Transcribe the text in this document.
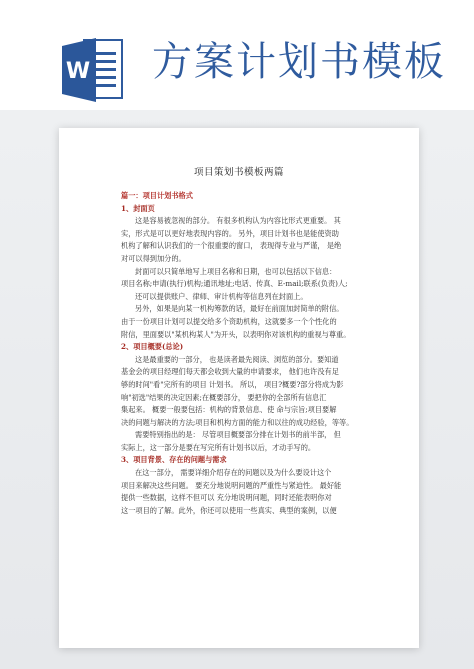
W 方案计划书模板
项目策划书模板两篇
篇一：项目计划书格式
1、封面页
这是容易被忽视的部分。 有很多机构认为内容比形式更重要。 其
实，形式是可以更好地表现内容的。 另外，项目计划书也是能使资助
机构了解和认识我们的一个很重要的窗口， 表现得专业与严谨， 是绝
对可以得到加分的。
封面可以只简单地写上项目名称和日期，也可以包括以下信息：
项目名称;申请(执行)机构;通讯地址;电话、传真、E-mail;联系(负责)人;
还可以提供账户、律师、审计机构等信息列在封面上。
另外，如果是向某一机构筹款的话，最好在前面加封简单的附信。
由于一份项目计划可以提交给多个资助机构，这就要多一个个性化的
附信，里面要以"某机构某人"为开头，以表明你对该机构的重视与尊重。
2、项目概要(总论)
这是最重要的一部分， 也是读者最先阅读、浏览的部分。要知道
基金会的项目经理们每天都会收到大量的申请要求， 他们也许没有足
够的时间"看"完所有的项目 计划书。 所以， 项目?概要?部分将成为影
响"初选"结果的决定因素;在概要部分， 要把你的全部所有信息汇
集起来。 概要一般要包括：机构的背景信息、使 命与宗旨;项目要解
决的问题与解决的方法;项目和机构方面的能力和以往的成功经验，等等。
需要特别指出的是： 尽管项目概要部分排在计划书的前半部， 但
实际上，这一部分是要在写完所有计划书以后，才动手写的。
3、项目背景、存在的问题与需求
在这一部分， 需要详细介绍存在的问题以及为什么要设计这个
项目来解决这些问题。 要充分地说明问题的严重性与紧迫性。 最好能
提供一些数据，这样不但可以 充分地说明问题，同时还能表明你对
这一项目的了解。此外，你还可以使用一些真实、典型的案例，以便
